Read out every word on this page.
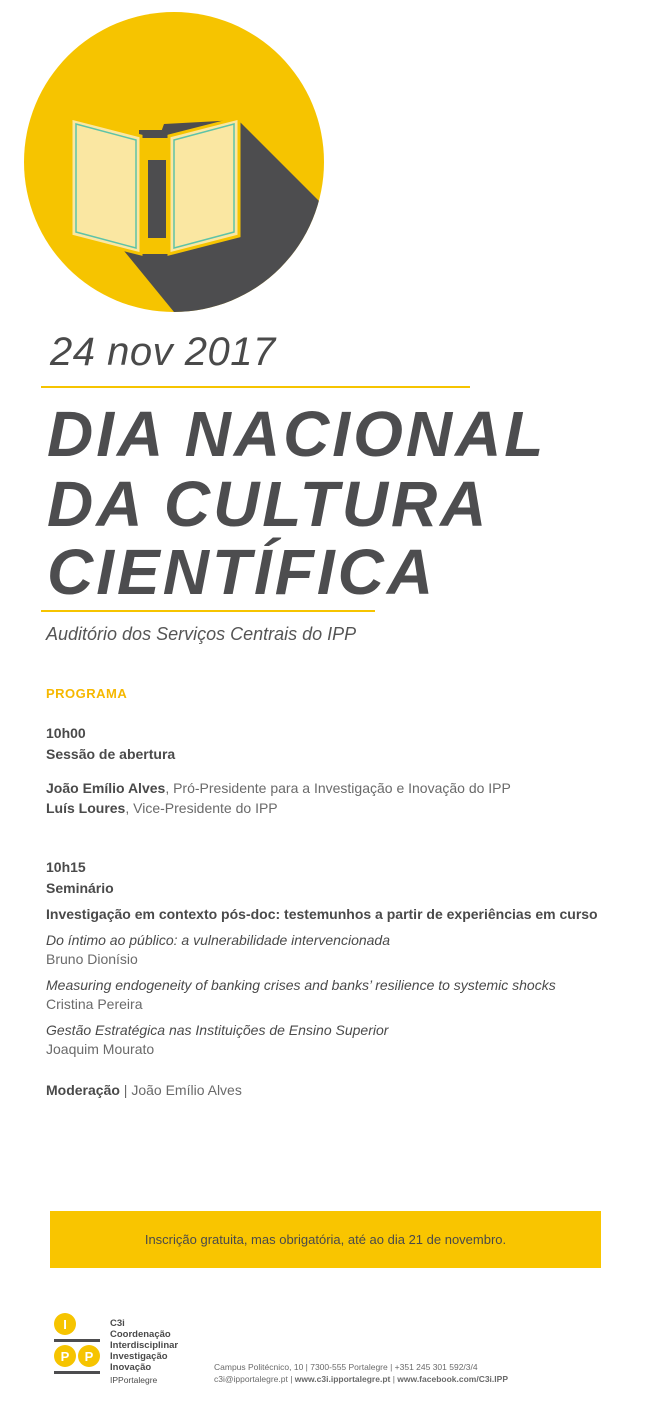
24 nov 2017
DIA NACIONAL
DA CULTURA
CIENTÍFICA
Auditório dos Serviços Centrais do IPP
PROGRAMA
10h00
Sessão de abertura
João Emílio Alves, Pró-Presidente para a Investigação e Inovação do IPP
Luís Loures, Vice-Presidente do IPP
10h15
Seminário
Investigação em contexto pós-doc: testemunhos a partir de experiências em curso
Do íntimo ao público: a vulnerabilidade intervencionada
Bruno Dionísio
Measuring endogeneity of banking crises and banks’ resilience to systemic shocks
Cristina Pereira
Gestão Estratégica nas Instituições de Ensino Superior
Joaquim Mourato
Moderação | João Emílio Alves
Inscrição gratuita, mas obrigatória, até ao dia 21 de novembro.
I
P P
C3i
Coordenação
Interdisciplinar
Investigação
Inovação
IPPortalegre
Campus Politécnico, 10 | 7300-555 Portalegre | +351 245 301 592/3/4
c3i@ipportalegre.pt | www.c3i.ipportalegre.pt | www.facebook.com/C3i.IPP
